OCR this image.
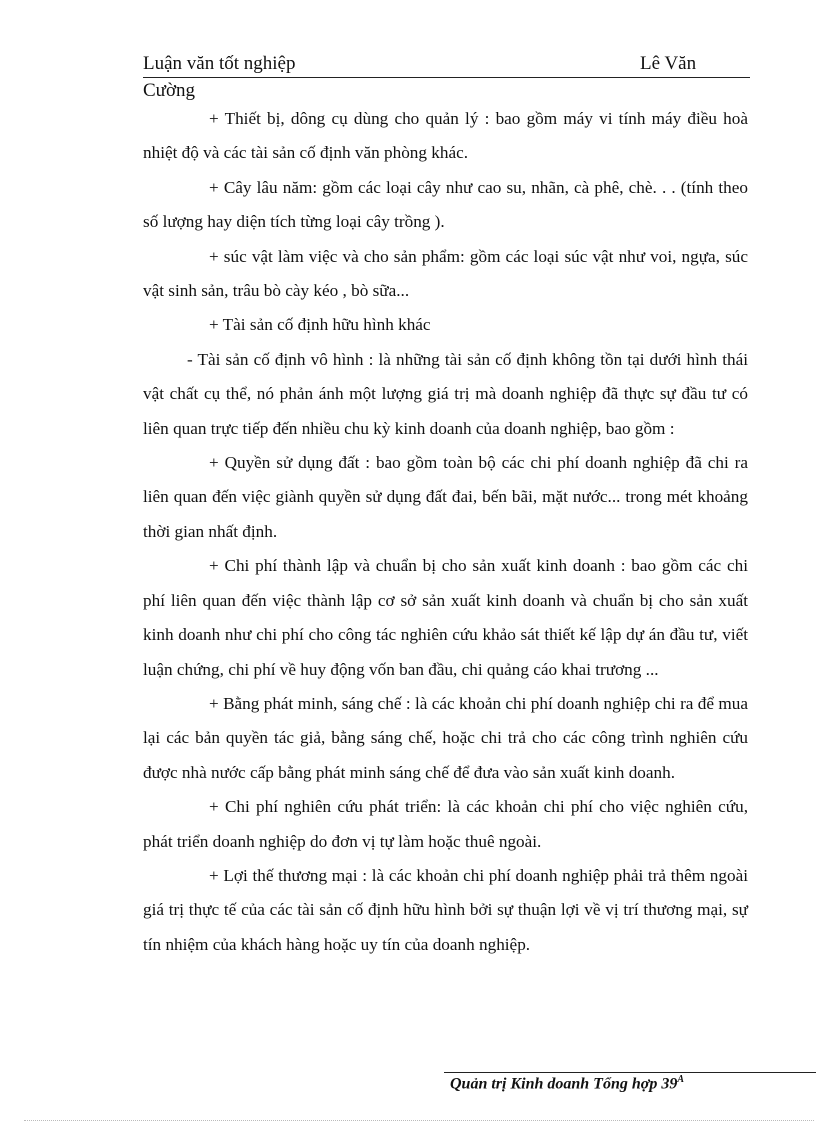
Luận văn tốt nghiệp	Lê Văn
Cường

+ Thiết bị, dông cụ dùng cho quản lý : bao gồm máy vi tính máy điều hoà nhiệt độ và các tài sản cố định văn phòng khác.

+ Cây lâu năm: gồm các loại cây như cao su, nhãn, cà phê, chè. . . (tính theo số lượng hay diện tích từng loại cây trồng ).

+ súc vật làm việc và cho sản phẩm: gồm các loại súc vật như voi, ngựa, súc vật sinh sản, trâu bò cày kéo , bò sữa...

+ Tài sản cố định hữu hình khác

- Tài sản cố định vô hình : là những tài sản cố định không tồn tại dưới hình thái vật chất cụ thể, nó phản ánh một lượng giá trị mà doanh nghiệp đã thực sự đầu tư có liên quan trực tiếp đến nhiều chu kỳ kinh doanh của doanh nghiệp, bao gồm :

+ Quyền sử dụng đất : bao gồm toàn bộ các chi phí doanh nghiệp đã chi ra liên quan đến việc giành quyền sử dụng đất đai, bến bãi, mặt nước... trong mét khoảng thời gian nhất định.

+ Chi phí thành lập và chuẩn bị cho sản xuất kinh doanh : bao gồm các chi phí liên quan đến việc thành lập cơ sở sản xuất kinh doanh và chuẩn bị cho sản xuất kinh doanh như chi phí cho công tác nghiên cứu khảo sát thiết kế lập dự án đầu tư, viết luận chứng, chi phí về huy động vốn ban đầu, chi quảng cáo khai trương ...

+ Bằng phát minh, sáng chế : là các khoản chi phí doanh nghiệp chi ra để mua lại các bản quyền tác giả, bằng sáng chế, hoặc chi trả cho các công trình nghiên cứu được nhà nước cấp bằng phát minh sáng chế để đưa vào sản xuất kinh doanh.

+ Chi phí nghiên cứu phát triển: là các khoản chi phí cho việc nghiên cứu, phát triển doanh nghiệp do đơn vị tự làm hoặc thuê ngoài.

+ Lợi thế thương mại : là các khoản chi phí doanh nghiệp phải trả thêm ngoài giá trị thực tế của các tài sản cố định hữu hình bởi sự thuận lợi về vị trí thương mại, sự tín nhiệm của khách hàng hoặc uy tín của doanh nghiệp.

Quản trị Kinh doanh Tổng hợp $39^A$
